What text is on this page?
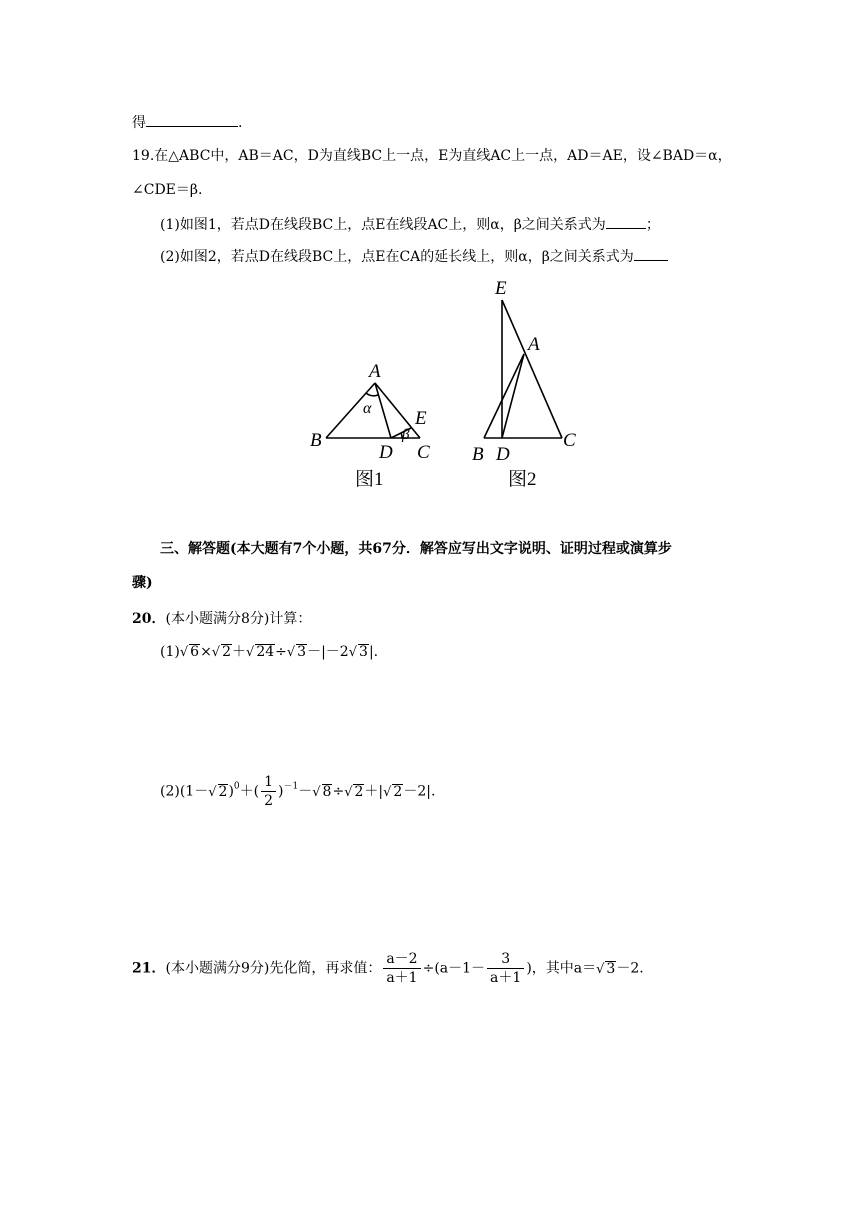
得	.
19.在△ABC中，AB＝AC，D为直线BC上一点，E为直线AC上一点，AD＝AE，设∠BAD＝α，
∠CDE＝β.
(1)如图1，若点D在线段BC上，点E在线段AC上，则α，β之间关系式为	；
(2)如图2，若点D在线段BC上，点E在CA的延长线上，则α，β之间关系式为
A
B
C
D
E
α
β
图1
E
A
B D
C
图2
三、解答题(本大题有7个小题，共67分．解答应写出文字说明、证明过程或演算步
骤)
20．(本小题满分8分)计算：
(1)√ 6×√ 2＋√ 24÷√ 3－|－2√ 3|.
(2)(1－√ $2)^0+( \frac{1}{2} )^{-1}-√$ 8÷√ 2＋|√ 2－2|.
21．(本小题满分9分)先化简，再求值： $\frac{a-2}{a+1} \div(a-1- \frac{3}{a+1}$ )，其中a＝√ 3－2.
